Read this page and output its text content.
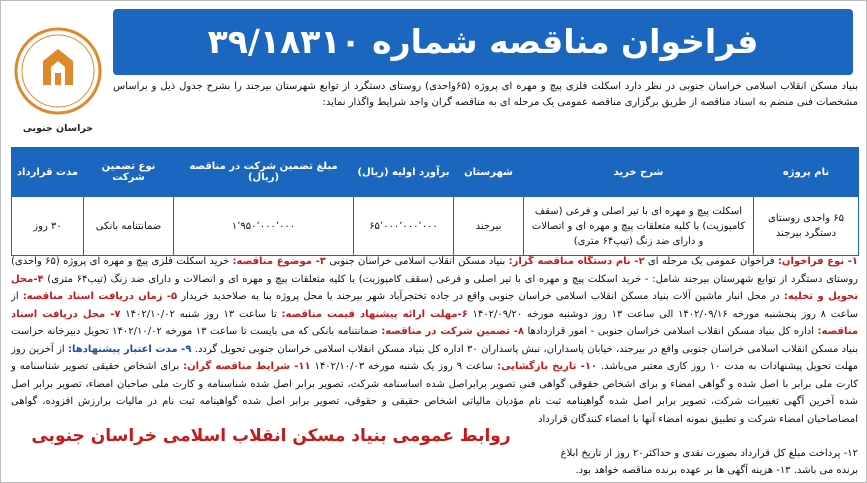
فراخوان مناقصه شماره ۳۹/۱۸۳۱۰
خراسان جنوبی
بنیاد مسکن انقلاب اسلامی خراسان جنوبی در نظر دارد اسکلت فلزی پیچ و مهره ای پروژه (۶۵واحدی) روستای دستگرد از توابع شهرستان بیرجند را بشرح جدول ذیل و براساس مشخصات فنی منضم به اسناد مناقصه از طریق برگزاری مناقصه عمومی یک مرحله ای به مناقصه گران واجد شرایط واگذار نماید:
نام پروژه	شرح خرید	شهرستان	برآورد اولیه (ریال)	مبلغ تضمین شرکت در مناقصه (ریال)	نوع تضمین شرکت	مدت قرارداد
۶۵ واحدی روستای دستگرد بیرجند	اسکلت پیچ و مهره ای با تیر اصلی و فرعی (سقف کامپوزیت) با کلیه متعلقات پیچ و مهره ای و اتصالات و دارای ضد زنگ (تیپ۶۴ متری)	بیرجند	۶۵٬۰۰۰٬۰۰۰٬۰۰۰	۱٬۹۵۰٬۰۰۰٬۰۰۰	ضمانتنامه بانکی	۳۰ روز
۱- نوع فراخوان: فراخوان عمومی یک مرحله ای ۲- نام دستگاه مناقصه گزار: بنیاد مسکن انقلاب اسلامی خراسان جنوبی ۳- موضوع مناقصه: خرید اسکلت فلزی پیچ و مهره ای پروژه (۶۵ واحدی) روستای دستگرد از توابع شهرستان بیرجند شامل: - خرید اسکلت پیچ و مهره ای با تیر اصلی و فرعی (سقف کامپوزیت) با کلیه متعلقات پیچ و مهره ای و اتصالات و دارای ضد زنگ (تیپ۶۴ متری) ۴-محل تحویل و تخلیه: در محل انبار ماشین آلات بنیاد مسکن انقلاب اسلامی خراسان جنوبی واقع در جاده تختجرآباد شهر بیرجند یا محل پروژه بنا به صلاحدید خریدار ۵- زمان دریافت اسناد مناقصه: از ساعت ۸ روز پنجشنبه مورخه ۱۴۰۲/۰۹/۱۶ الی ساعت ۱۳ روز دوشنبه مورخه ۱۴۰۲/۰۹/۲۰ ۶-مهلت ارائه پیشنهاد قیمت مناقصه: تا ساعت ۱۳ روز شنبه ۱۴۰۲/۱۰/۰۲ ۷- محل دریافت اسناد مناقصه: اداره کل بنیاد مسکن انقلاب اسلامی خراسان جنوبی - امور قراردادها ۸- تضمین شرکت در مناقصه: ضمانتنامه بانکی که می بایست تا ساعت ۱۳ مورخه ۱۴۰۲/۱۰/۰۲ تحویل دبیرخانه حراست بنیاد مسکن انقلاب اسلامی خراسان جنوبی واقع در بیرجند، خیابان پاسداران، نبش پاسداران ۳۰ اداره کل بنیاد مسکن انقلاب اسلامی خراسان جنوبی تحویل گردد. ۹- مدت اعتبار پیشنهادها: از آخرین روز مهلت تحویل پیشنهادات به مدت ۱۰ روز کاری معتبر می‌باشد. ۱۰- تاریخ بازگشایی: ساعت ۹ روز یک شنبه مورخه ۱۴۰۲/۱۰/۰۳ ۱۱- شرایط مناقصه گران: برای اشخاص حقیقی تصویر شناسنامه و کارت ملی برابر با اصل شده و گواهی امضاء و برای اشخاص حقوقی گواهی فنی تصویر برابراصل شده اساسنامه شرکت، تصویر برابر اصل شده شناسنامه و کارت ملی صاحبان امضاء، تصویر برابر اصل شده آخرین آگهی تغییرات شرکت، تصویر برابر اصل شده گواهینامه ثبت نام مؤدیان مالیاتی اشخاص حقیقی و حقوقی، تصویر برابر اصل شده گواهینامه ثبت نام در مالیات برارزش افزوده، گواهی امضاصاحبان امضاء شرکت و تطبیق نمونه امضاء آنها با امضاء کنندگان قرارداد
روابط عمومی بنیاد مسکن انقلاب اسلامی خراسان جنوبی
۱۲- پرداخت مبلغ کل قرارداد بصورت نقدی و حداکثر۲۰ روز از تاریخ ابلاغ
برنده می باشد. ۱۳- هزینه آگهی ها بر عهده برنده مناقصه خواهد بود.
